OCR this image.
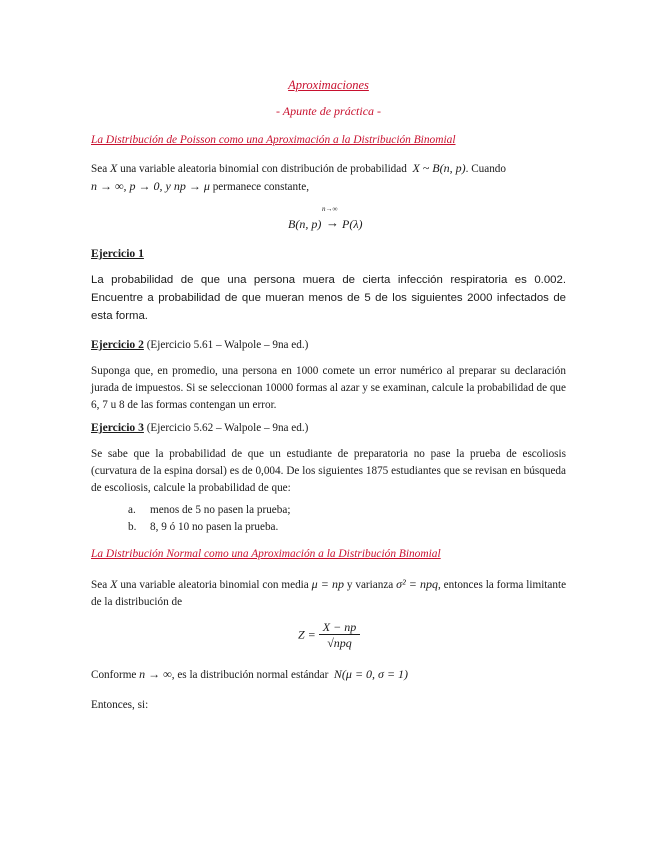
Aproximaciones

- Apunte de práctica -

La Distribución de Poisson como una Aproximación a la Distribución Binomial

Sea X una variable aleatoria binomial con distribución de probabilidad X ~ B(n, p). Cuando
n → ∞, p → 0, y np → μ permanece constante,

B(n, p)
n→∞
→ P(λ)

Ejercicio 1

La probabilidad de que una persona muera de cierta infección respiratoria es 0.002. Encuentre a probabilidad de que mueran menos de 5 de los siguientes 2000 infectados de esta forma.

Ejercicio 2 (Ejercicio 5.61 – Walpole – 9na ed.)

Suponga que, en promedio, una persona en 1000 comete un error numérico al preparar su declaración jurada de impuestos. Si se seleccionan 10000 formas al azar y se examinan, calcule la probabilidad de que 6, 7 u 8 de las formas contengan un error.

Ejercicio 3 (Ejercicio 5.62 – Walpole – 9na ed.)

Se sabe que la probabilidad de que un estudiante de preparatoria no pase la prueba de escoliosis (curvatura de la espina dorsal) es de 0,004. De los siguientes 1875 estudiantes que se revisan en búsqueda de escoliosis, calcule la probabilidad de que:

a. menos de 5 no pasen la prueba;
b. 8, 9 ó 10 no pasen la prueba.

La Distribución Normal como una Aproximación a la Distribución Binomial

Sea X una variable aleatoria binomial con media μ = np y varianza σ² = npq, entonces la forma limitante de la distribución de

$Z = \frac{X - np}{\text{√npq}}$

Conforme n → ∞, es la distribución normal estándar N(μ = 0, σ = 1)

Entonces, si:
